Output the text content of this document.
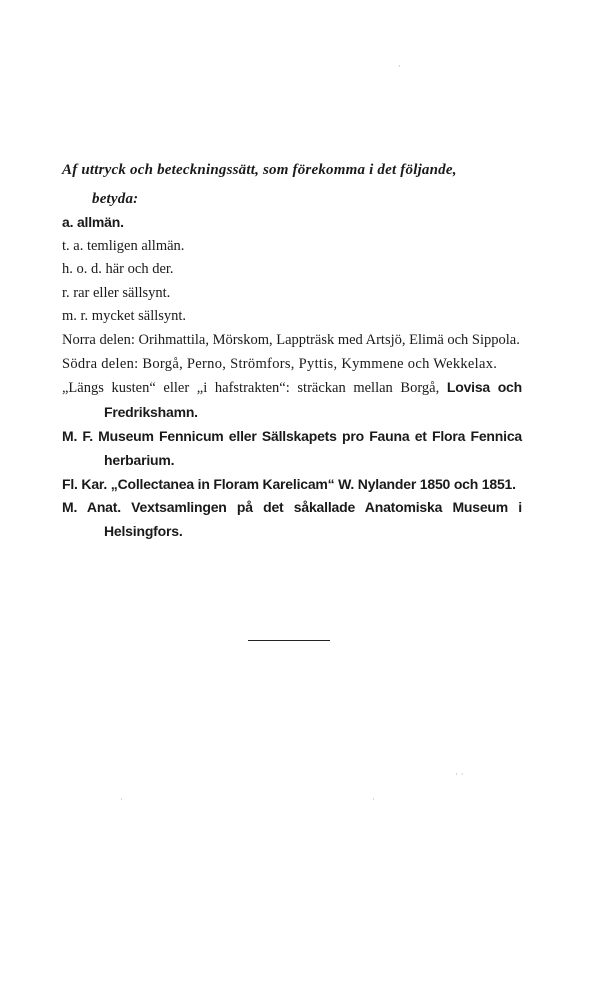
Af uttryck och beteckningssätt, som förekomma i det följande,
betyda:

a. allmän.

t. a. temligen allmän.

h. o. d. här och der.

r. rar eller sällsynt.

m. r. mycket sällsynt.

Norra delen: Orihmattila, Mörskom, Lappträsk med Artsjö, Elimä och Sippola.

Södra delen: Borgå, Perno, Strömfors, Pyttis, Kymmene och Wekkelax.

„Längs kusten“ eller „i hafstrakten“: sträckan mellan Borgå, Lovisa och Fredrikshamn.

M. F. Museum Fennicum eller Sällskapets pro Fauna et Flora Fennica herbarium.

Fl. Kar. „Collectanea in Floram Karelicam“ W. Nylander 1850 och 1851.

M. Anat. Vextsamlingen på det såkallade Anatomiska Museum i Helsingfors.

·
· ·
·	·
